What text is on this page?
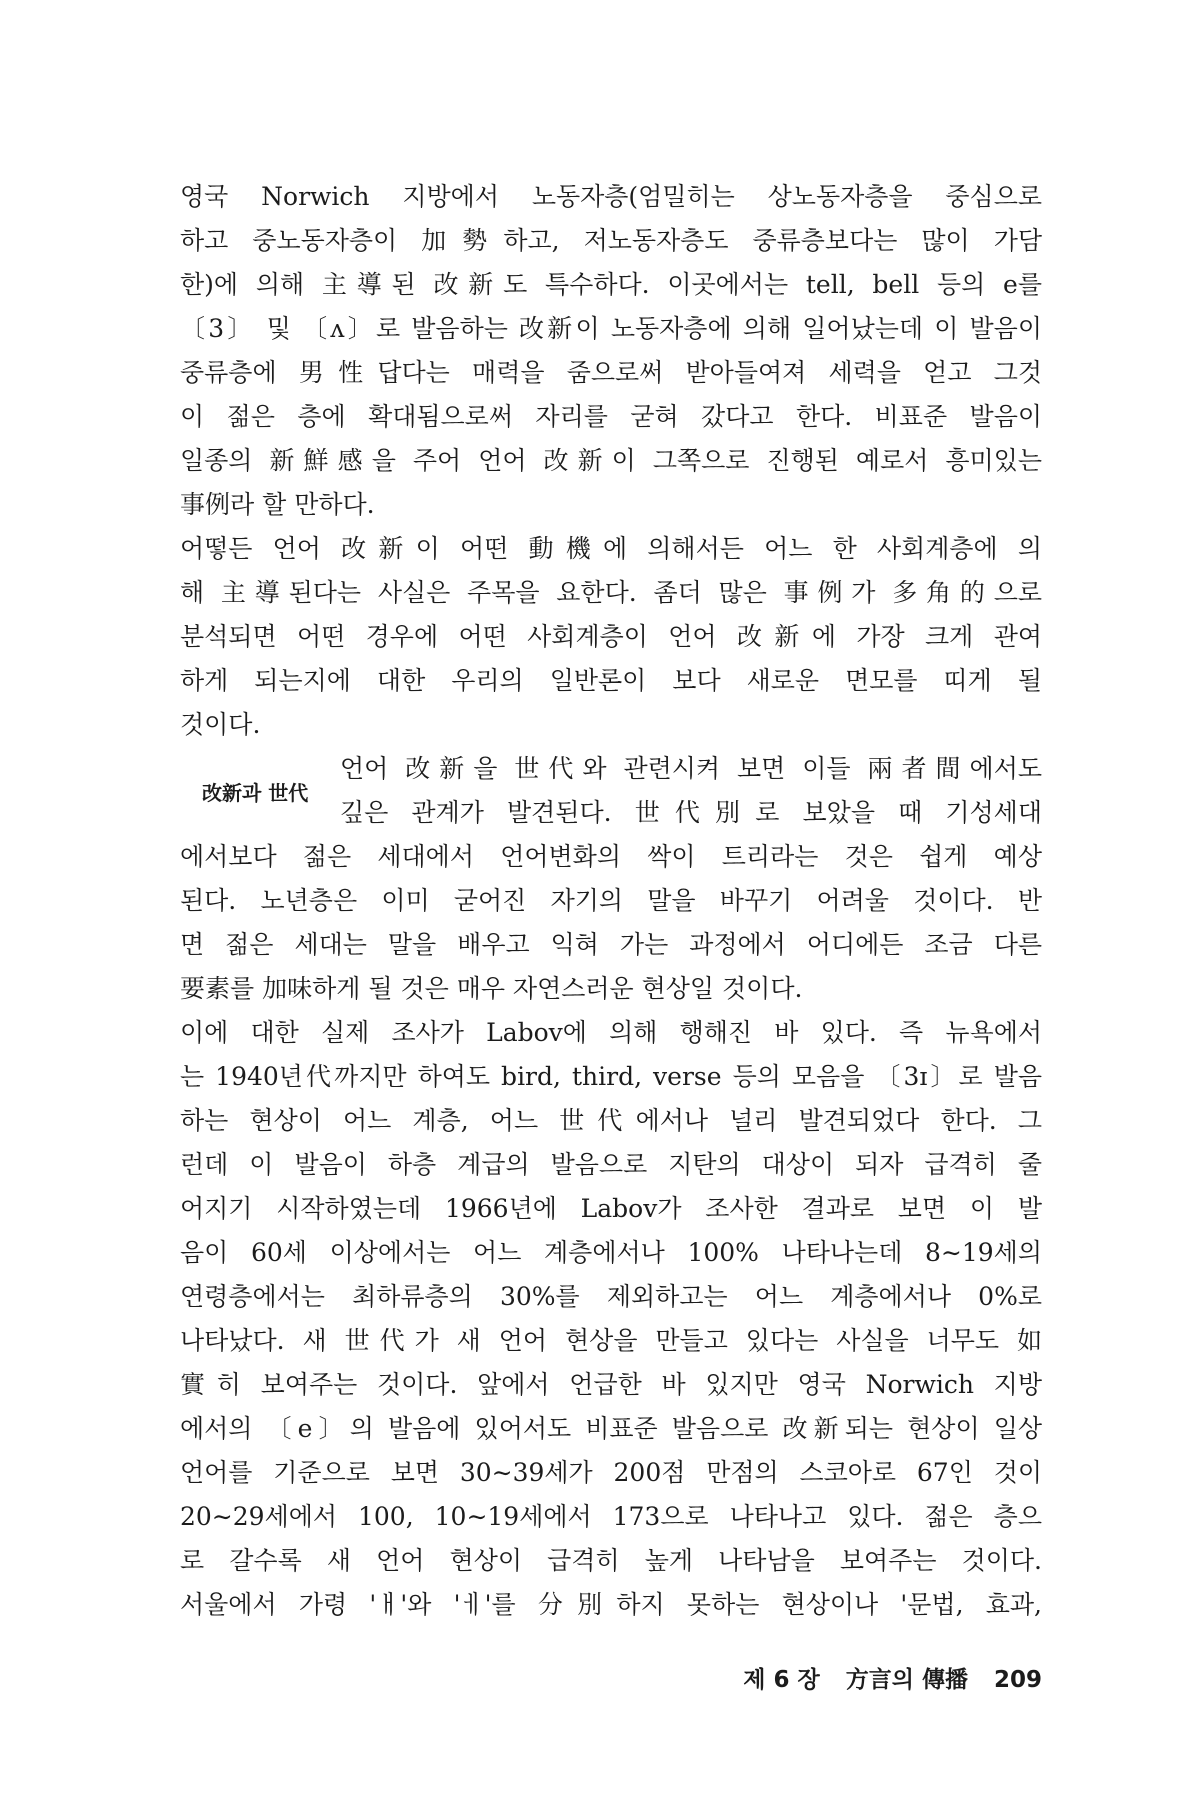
영국 Norwich 지방에서 노동자층(엄밀히는 상노동자층을 중심으로
하고 중노동자층이 加勢하고, 저노동자층도 중류층보다는 많이 가담
한)에 의해 主導된 改新도 특수하다. 이곳에서는 tell, bell 등의 e를
〔3〕 및 〔ʌ〕로 발음하는 改新이 노동자층에 의해 일어났는데 이 발음이
중류층에 男性답다는 매력을 줌으로써 받아들여져 세력을 얻고 그것
이 젊은 층에 확대됨으로써 자리를 굳혀 갔다고 한다. 비표준 발음이
일종의 新鮮感을 주어 언어 改新이 그쪽으로 진행된 예로서 흥미있는
事例라 할 만하다.
어떻든 언어 改新이 어떤 動機에 의해서든 어느 한 사회계층에 의
해 主導된다는 사실은 주목을 요한다. 좀더 많은 事例가 多角的으로
분석되면 어떤 경우에 어떤 사회계층이 언어 改新에 가장 크게 관여
하게 되는지에 대한 우리의 일반론이 보다 새로운 면모를 띠게 될
것이다.
改新과 世代
언어 改新을 世代와 관련시켜 보면 이들 兩者間에서도
깊은 관계가 발견된다. 世代別로 보았을 때 기성세대
에서보다 젊은 세대에서 언어변화의 싹이 트리라는 것은 쉽게 예상
된다. 노년층은 이미 굳어진 자기의 말을 바꾸기 어려울 것이다. 반
면 젊은 세대는 말을 배우고 익혀 가는 과정에서 어디에든 조금 다른
要素를 加味하게 될 것은 매우 자연스러운 현상일 것이다.
이에 대한 실제 조사가 Labov에 의해 행해진 바 있다. 즉 뉴욕에서
는 1940년代까지만 하여도 bird, third, verse 등의 모음을 〔3ɪ〕로 발음
하는 현상이 어느 계층, 어느 世代에서나 널리 발견되었다 한다. 그
런데 이 발음이 하층 계급의 발음으로 지탄의 대상이 되자 급격히 줄
어지기 시작하였는데 1966년에 Labov가 조사한 결과로 보면 이 발
음이 60세 이상에서는 어느 계층에서나 100% 나타나는데 8∼19세의
연령층에서는 최하류층의 30%를 제외하고는 어느 계층에서나 0%로
나타났다. 새 世代가 새 언어 현상을 만들고 있다는 사실을 너무도 如
實히 보여주는 것이다. 앞에서 언급한 바 있지만 영국 Norwich 지방
에서의 〔e〕의 발음에 있어서도 비표준 발음으로 改新되는 현상이 일상
언어를 기준으로 보면 30∼39세가 200점 만점의 스코아로 67인 것이
20∼29세에서 100, 10∼19세에서 173으로 나타나고 있다. 젊은 층으
로 갈수록 새 언어 현상이 급격히 높게 나타남을 보여주는 것이다.
서울에서 가령 'ㅐ'와 'ㅔ'를 分別하지 못하는 현상이나 '문법, 효과,
제 6 장 方言의 傳播 209
